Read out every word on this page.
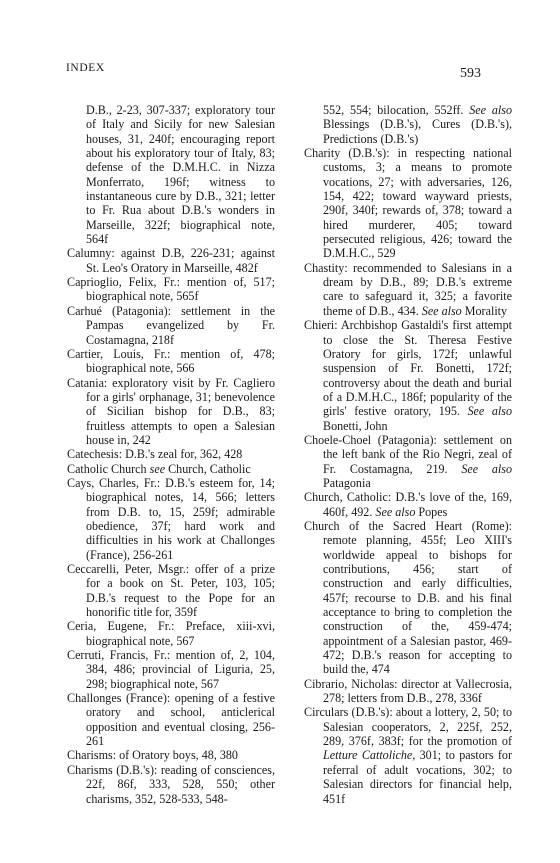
INDEX	593

D.B., 2-23, 307-337; exploratory tour of Italy and Sicily for new Salesian houses, 31, 240f; encouraging report about his exploratory tour of Italy, 83; defense of the D.M.H.C. in Nizza Monferrato, 196f; witness to instantaneous cure by D.B., 321; letter to Fr. Rua about D.B.'s wonders in Marseille, 322f; biographical note, 564f

Calumny: against D.B, 226-231; against St. Leo's Oratory in Marseille, 482f

Caprioglio, Felix, Fr.: mention of, 517; biographical note, 565f

Carhué (Patagonia): settlement in the Pampas evangelized by Fr. Costamagna, 218f

Cartier, Louis, Fr.: mention of, 478; biographical note, 566

Catania: exploratory visit by Fr. Cagliero for a girls' orphanage, 31; benevolence of Sicilian bishop for D.B., 83; fruitless attempts to open a Salesian house in, 242

Catechesis: D.B.'s zeal for, 362, 428

Catholic Church see Church, Catholic

Cays, Charles, Fr.: D.B.'s esteem for, 14; biographical notes, 14, 566; letters from D.B. to, 15, 259f; admirable obedience, 37f; hard work and difficulties in his work at Challonges (France), 256-261

Ceccarelli, Peter, Msgr.: offer of a prize for a book on St. Peter, 103, 105; D.B.'s request to the Pope for an honorific title for, 359f

Ceria, Eugene, Fr.: Preface, xiii-xvi, biographical note, 567

Cerruti, Francis, Fr.: mention of, 2, 104, 384, 486; provincial of Liguria, 25, 298; biographical note, 567

Challonges (France): opening of a festive oratory and school, anticlerical opposition and eventual closing, 256-261

Charisms: of Oratory boys, 48, 380

Charisms (D.B.'s): reading of consciences, 22f, 86f, 333, 528, 550; other charisms, 352, 528-533, 548-

552, 554; bilocation, 552ff. See also Blessings (D.B.'s), Cures (D.B.'s), Predictions (D.B.'s)

Charity (D.B.'s): in respecting national customs, 3; a means to promote vocations, 27; with adversaries, 126, 154, 422; toward wayward priests, 290f, 340f; rewards of, 378; toward a hired murderer, 405; toward persecuted religious, 426; toward the D.M.H.C., 529

Chastity: recommended to Salesians in a dream by D.B., 89; D.B.'s extreme care to safeguard it, 325; a favorite theme of D.B., 434. See also Morality

Chieri: Archbishop Gastaldi's first attempt to close the St. Theresa Festive Oratory for girls, 172f; unlawful suspension of Fr. Bonetti, 172f; controversy about the death and burial of a D.M.H.C., 186f; popularity of the girls' festive oratory, 195. See also Bonetti, John

Choele-Choel (Patagonia): settlement on the left bank of the Rio Negri, zeal of Fr. Costamagna, 219. See also Patagonia

Church, Catholic: D.B.'s love of the, 169, 460f, 492. See also Popes

Church of the Sacred Heart (Rome): remote planning, 455f; Leo XIII's worldwide appeal to bishops for contributions, 456; start of construction and early difficulties, 457f; recourse to D.B. and his final acceptance to bring to completion the construction of the, 459-474; appointment of a Salesian pastor, 469-472; D.B.'s reason for accepting to build the, 474

Cibrario, Nicholas: director at Vallecrosia, 278; letters from D.B., 278, 336f

Circulars (D.B.'s): about a lottery, 2, 50; to Salesian cooperators, 2, 225f, 252, 289, 376f, 383f; for the promotion of Letture Cattoliche, 301; to pastors for referral of adult vocations, 302; to Salesian directors for financial help, 451f
